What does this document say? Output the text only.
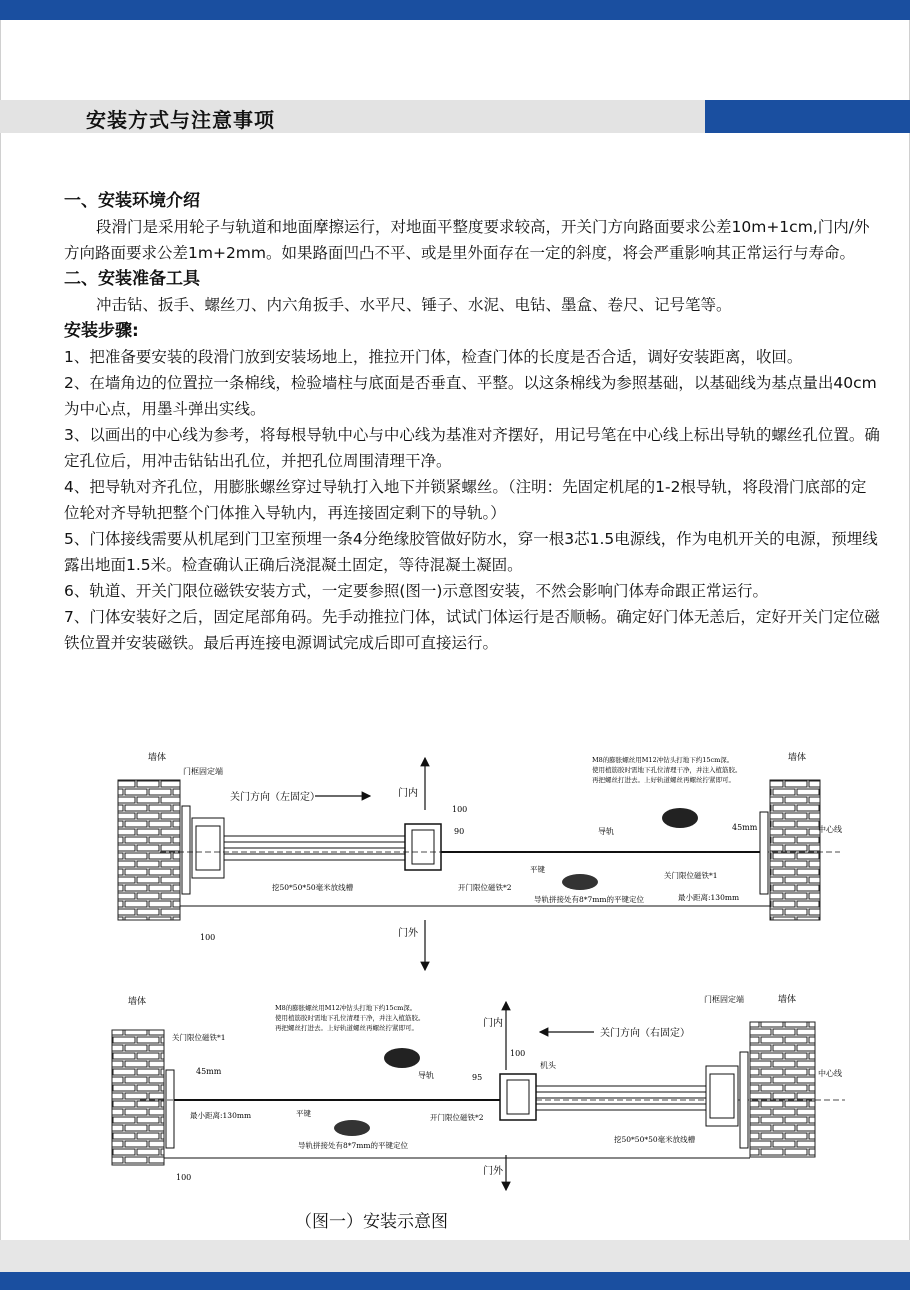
安装方式与注意事项

一、安装环境介绍

段滑门是采用轮子与轨道和地面摩擦运行，对地面平整度要求较高，开关门方向路面要求公差10m+1cm,门内/外方向路面要求公差1m+2mm。如果路面凹凸不平、或是里外面存在一定的斜度，将会严重影响其正常运行与寿命。

二、安装准备工具

冲击钻、扳手、螺丝刀、内六角扳手、水平尺、锤子、水泥、电钻、墨盒、卷尺、记号笔等。

安装步骤:

1、把准备要安装的段滑门放到安装场地上，推拉开门体，检查门体的长度是否合适，调好安装距离，收回。

2、在墙角边的位置拉一条棉线，检验墙柱与底面是否垂直、平整。以这条棉线为参照基础，以基础线为基点量出40cm为中心点，用墨斗弹出实线。

3、以画出的中心线为参考，将每根导轨中心与中心线为基准对齐摆好，用记号笔在中心线上标出导轨的螺丝孔位置。确定孔位后，用冲击钻钻出孔位，并把孔位周围清理干净。

4、把导轨对齐孔位，用膨胀螺丝穿过导轨打入地下并锁紧螺丝。（注明：先固定机尾的1-2根导轨，将段滑门底部的定位轮对齐导轨把整个门体推入导轨内，再连接固定剩下的导轨。）

5、门体接线需要从机尾到门卫室预埋一条4分绝缘胶管做好防水，穿一根3芯1.5电源线，作为电机开关的电源，预埋线露出地面1.5米。检查确认正确后浇混凝土固定，等待混凝土凝固。

6、轨道、开关门限位磁铁安装方式，一定要参照(图一)示意图安装，不然会影响门体寿命跟正常运行。

7、门体安装好之后，固定尾部角码。先手动推拉门体，试试门体运行是否顺畅。确定好门体无恙后，定好开关门定位磁铁位置并安装磁铁。最后再连接电源调试完成后即可直接运行。

墙体	墙体
门框固定端
关门方向（左固定）	门内
门外
100
90	导轨	45mm	中心线
M8的膨胀螺丝用M12冲钻头打地下约15cm深。
使用植筋胶时需地下孔位清理干净，并注入植筋胶。
再把螺丝打进去。上好轨道螺丝再螺丝拧紧即可。
平键
开门限位磁铁*2
关门限位磁铁*1
挖50*50*50毫米放线槽
导轨拼接处有8*7mm的平键定位	最小距离:130mm
100
墙体	墙体
门框固定端
关门方向（右固定）
门内
门外
45mm
95
100
导轨	中心线
机头
M8的膨胀螺丝用M12冲钻头打地下约15cm深。
使用植筋胶时需地下孔位清理干净，并注入植筋胶。
再把螺丝打进去。上好轨道螺丝再螺丝拧紧即可。
平键	开门限位磁铁*2
关门限位磁铁*1
挖50*50*50毫米放线槽
导轨拼接处有8*7mm的平键定位
最小距离:130mm
100
（图一）安装示意图
